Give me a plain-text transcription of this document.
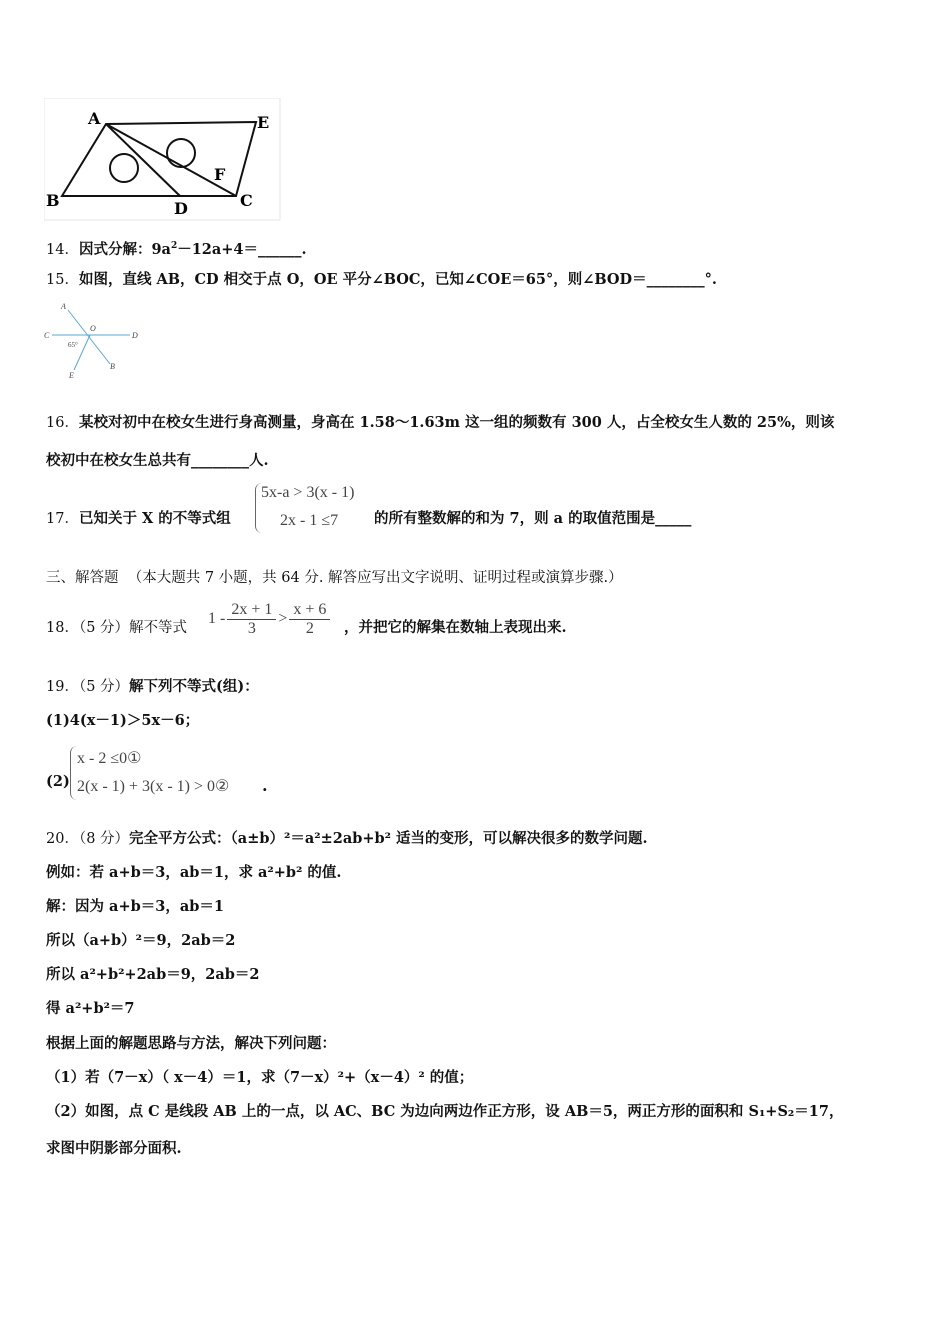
A	E
F
B	D	C
14．因式分解：$9a^2-12a+4=\_\_\_\_\_\_$.
15．如图，直线 AB，CD 相交于点 O，OE 平分∠BOC，已知∠COE＝65°，则∠BOD＝________°.
A
C
O
D
65°
E
B
16．某校对初中在校女生进行身高测量，身高在 1.58～1.63m 这一组的频数有 300 人，占全校女生人数的 25%，则该
校初中在校女生总共有________人.
17．已知关于 X 的不等式组
5x-a > 3(x - 1)
2x - 1 ≤7 的所有整数解的和为 7，则 a 的取值范围是_____
三、解答题 （本大题共 7 小题，共 64 分. 解答应写出文字说明、证明过程或演算步骤.）
18．（5 分）解不等式
$1 - \frac{2x + 1}{3} > \frac{x + 6}{2}$ ，并把它的解集在数轴上表现出来.
19．（5 分）解下列不等式(组)：
(1)4(x－1)＞5x－6；
(2)
x - 2 ≤0①
2(x - 1) + 3(x - 1) > 0② .
20．（8 分）完全平方公式：（a±b）²＝a²±2ab+b² 适当的变形，可以解决很多的数学问题.
例如：若 a+b＝3，ab＝1，求 a²+b² 的值.
解：因为 a+b＝3，ab＝1
所以（a+b）²＝9，2ab＝2
所以 a²+b²+2ab＝9，2ab＝2
得 a²+b²＝7
根据上面的解题思路与方法，解决下列问题：
（1）若（7－x）（ x－4）＝1，求（7－x）²+（x－4）² 的值；
（2）如图，点 C 是线段 AB 上的一点，以 AC、BC 为边向两边作正方形，设 AB＝5，两正方形的面积和 S₁+S₂＝17，
求图中阴影部分面积.
